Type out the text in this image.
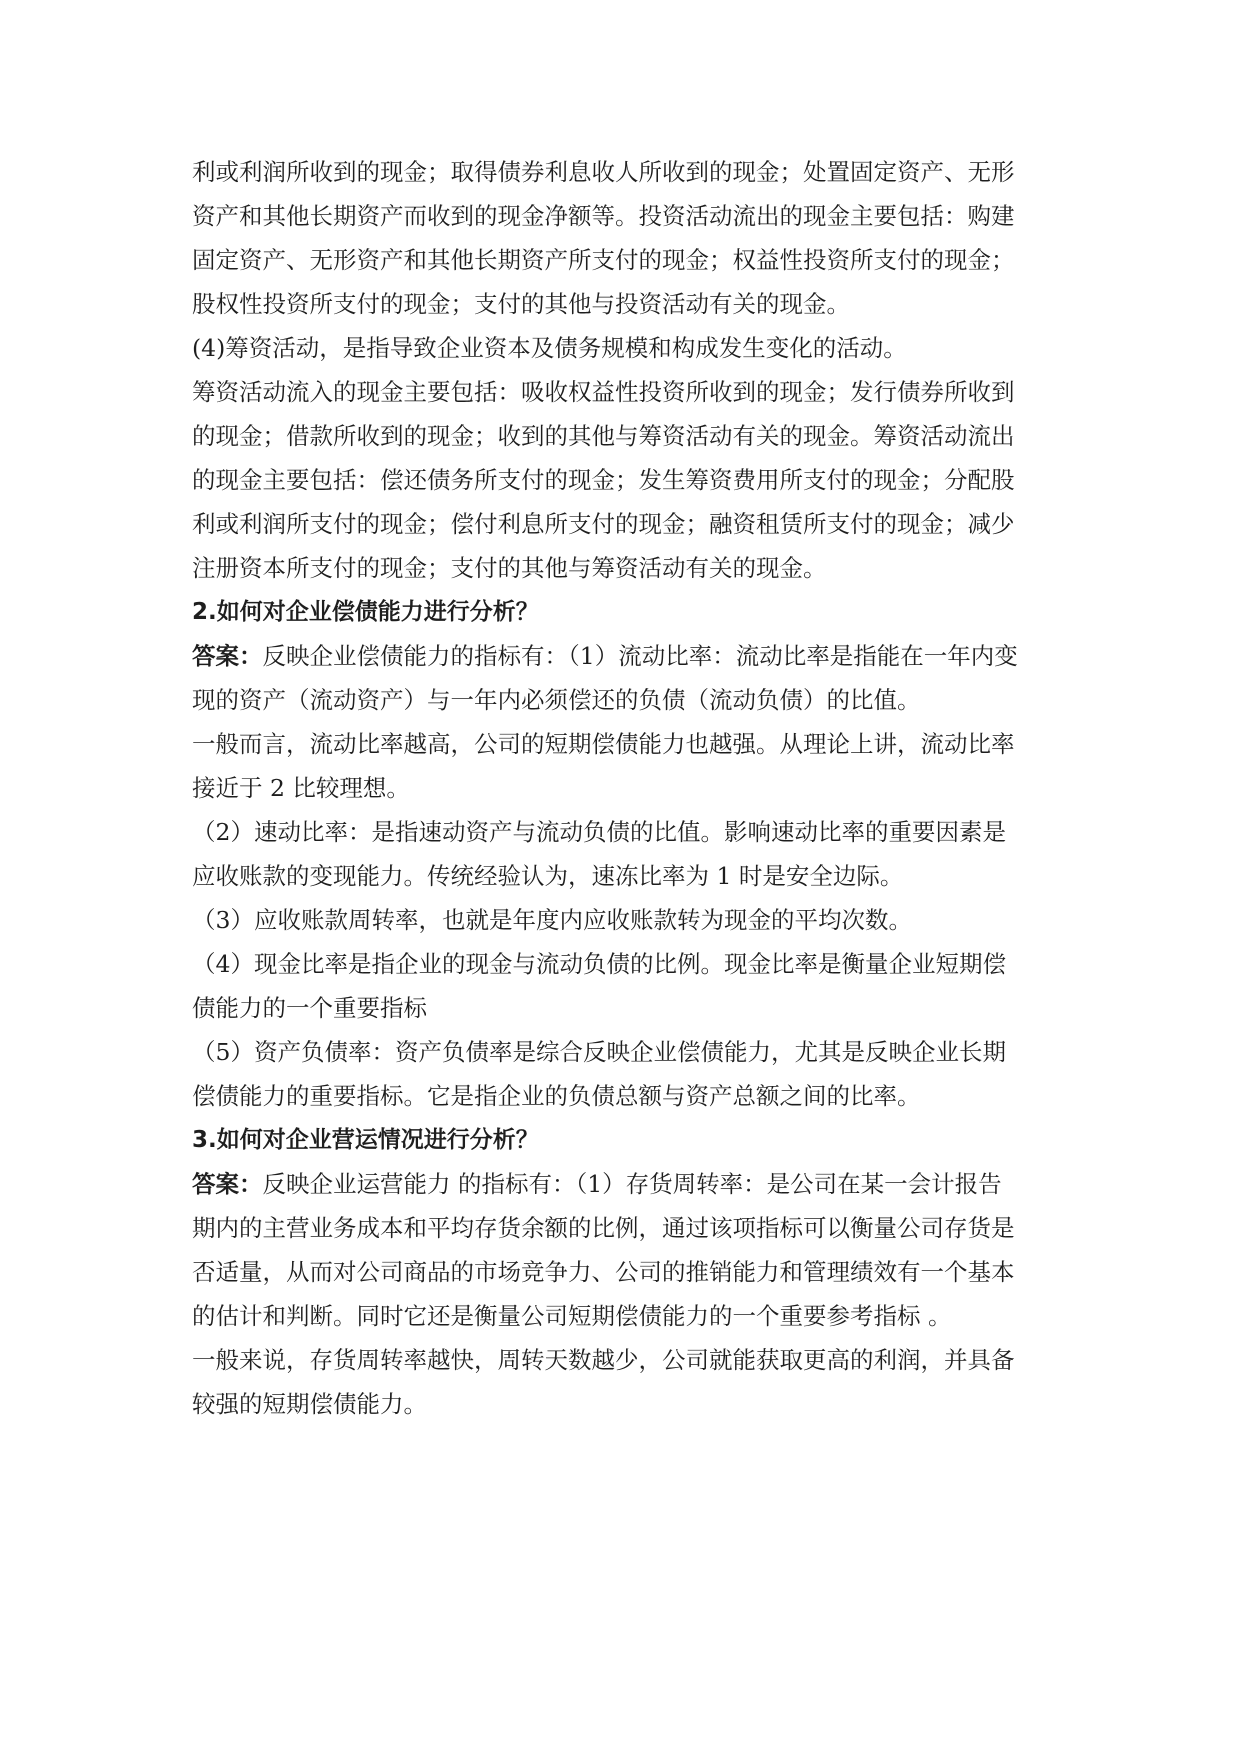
利或利润所收到的现金；取得债券利息收人所收到的现金；处置固定资产、无形
资产和其他长期资产而收到的现金净额等。投资活动流出的现金主要包括：购建
固定资产、无形资产和其他长期资产所支付的现金；权益性投资所支付的现金；
股权性投资所支付的现金；支付的其他与投资活动有关的现金。
(4)筹资活动，是指导致企业资本及债务规模和构成发生变化的活动。
筹资活动流入的现金主要包括：吸收权益性投资所收到的现金；发行债券所收到
的现金；借款所收到的现金；收到的其他与筹资活动有关的现金。筹资活动流出
的现金主要包括：偿还债务所支付的现金；发生筹资费用所支付的现金；分配股
利或利润所支付的现金；偿付利息所支付的现金；融资租赁所支付的现金；减少
注册资本所支付的现金；支付的其他与筹资活动有关的现金。
2.如何对企业偿债能力进行分析？
答案：反映企业偿债能力的指标有：（1）流动比率：流动比率是指能在一年内变
现的资产（流动资产）与一年内必须偿还的负债（流动负债）的比值。
一般而言，流动比率越高，公司的短期偿债能力也越强。从理论上讲，流动比率
接近于 2 比较理想。
（2）速动比率：是指速动资产与流动负债的比值。影响速动比率的重要因素是
应收账款的变现能力。传统经验认为，速冻比率为 1 时是安全边际。
（3）应收账款周转率，也就是年度内应收账款转为现金的平均次数。
（4）现金比率是指企业的现金与流动负债的比例。现金比率是衡量企业短期偿
债能力的一个重要指标
（5）资产负债率：资产负债率是综合反映企业偿债能力，尤其是反映企业长期
偿债能力的重要指标。它是指企业的负债总额与资产总额之间的比率。
3.如何对企业营运情况进行分析？
答案：反映企业运营能力 的指标有：（1）存货周转率：是公司在某一会计报告
期内的主营业务成本和平均存货余额的比例，通过该项指标可以衡量公司存货是
否适量，从而对公司商品的市场竞争力、公司的推销能力和管理绩效有一个基本
的估计和判断。同时它还是衡量公司短期偿债能力的一个重要参考指标 。
一般来说，存货周转率越快，周转天数越少，公司就能获取更高的利润，并具备
较强的短期偿债能力。
